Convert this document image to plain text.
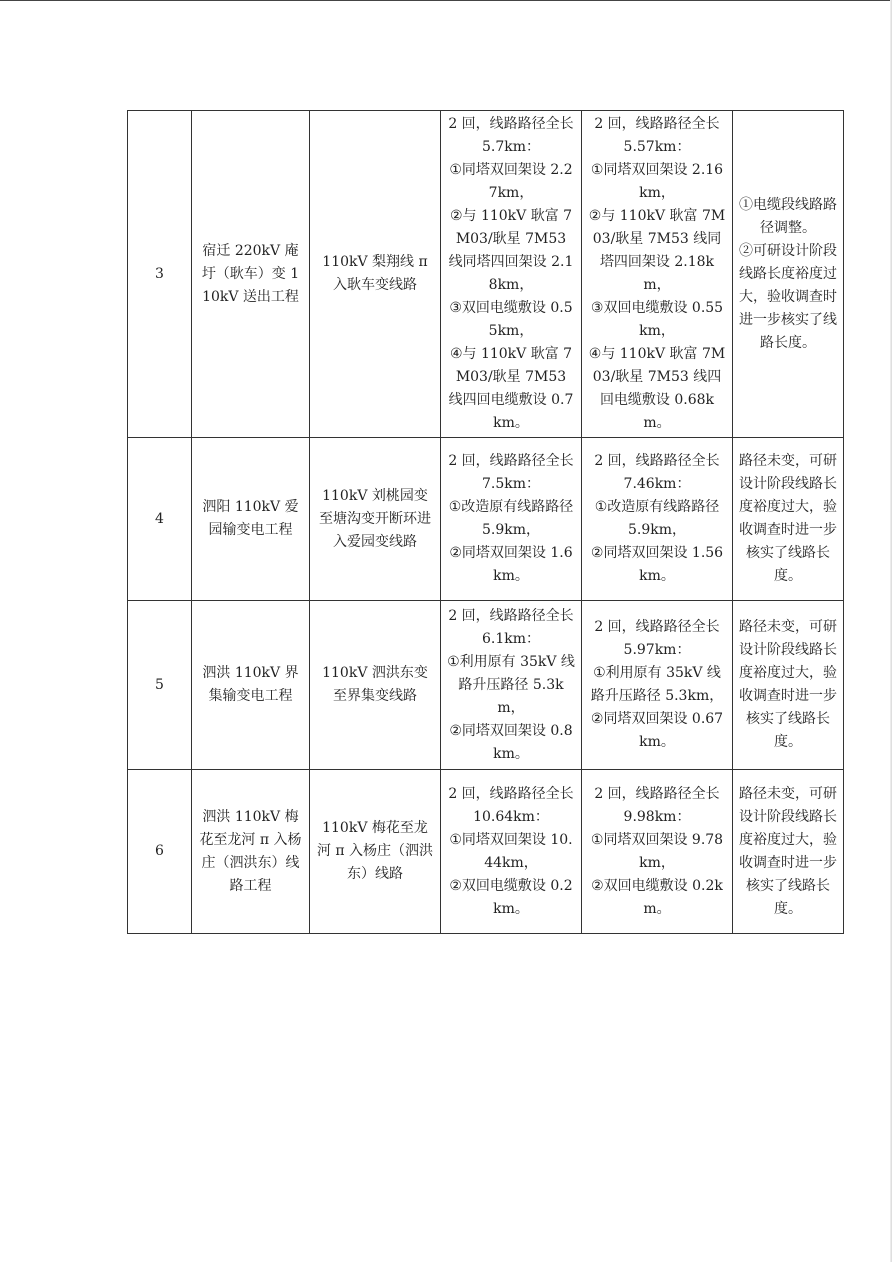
3	宿迁 220kV 庵圩（耿车）变 110kV 送出工程	110kV 梨翔线 π 入耿车变线路	2 回，线路路径全长 5.7km：
①同塔双回架设 2.27km，
②与 110kV 耿富 7M03/耿星 7M53 线同塔四回架设 2.18km，
③双回电缆敷设 0.55km，
④与 110kV 耿富 7M03/耿星 7M53 线四回电缆敷设 0.7km。	2 回，线路路径全长 5.57km：
①同塔双回架设 2.16km，
②与 110kV 耿富 7M03/耿星 7M53 线同塔四回架设 2.18km，
③双回电缆敷设 0.55km，
④与 110kV 耿富 7M03/耿星 7M53 线四回电缆敷设 0.68km。	①电缆段线路路径调整。
②可研设计阶段线路长度裕度过大，验收调查时进一步核实了线路长度。
4	泗阳 110kV 爱园输变电工程	110kV 刘桃园变至塘沟变开断环进入爱园变线路	2 回，线路路径全长 7.5km：
①改造原有线路路径 5.9km，
②同塔双回架设 1.6km。	2 回，线路路径全长 7.46km：
①改造原有线路路径 5.9km，
②同塔双回架设 1.56km。	路径未变，可研设计阶段线路长度裕度过大，验收调查时进一步核实了线路长度。
5	泗洪 110kV 界集输变电工程	110kV 泗洪东变至界集变线路	2 回，线路路径全长 6.1km：
①利用原有 35kV 线路升压路径 5.3km，
②同塔双回架设 0.8km。	2 回，线路路径全长 5.97km：
①利用原有 35kV 线路升压路径 5.3km，
②同塔双回架设 0.67km。	路径未变，可研设计阶段线路长度裕度过大，验收调查时进一步核实了线路长度。
6	泗洪 110kV 梅花至龙河 π 入杨庄（泗洪东）线路工程	110kV 梅花至龙河 π 入杨庄（泗洪东）线路	2 回，线路路径全长 10.64km：
①同塔双回架设 10.44km，
②双回电缆敷设 0.2km。	2 回，线路路径全长 9.98km：
①同塔双回架设 9.78km，
②双回电缆敷设 0.2km。	路径未变，可研设计阶段线路长度裕度过大，验收调查时进一步核实了线路长度。
